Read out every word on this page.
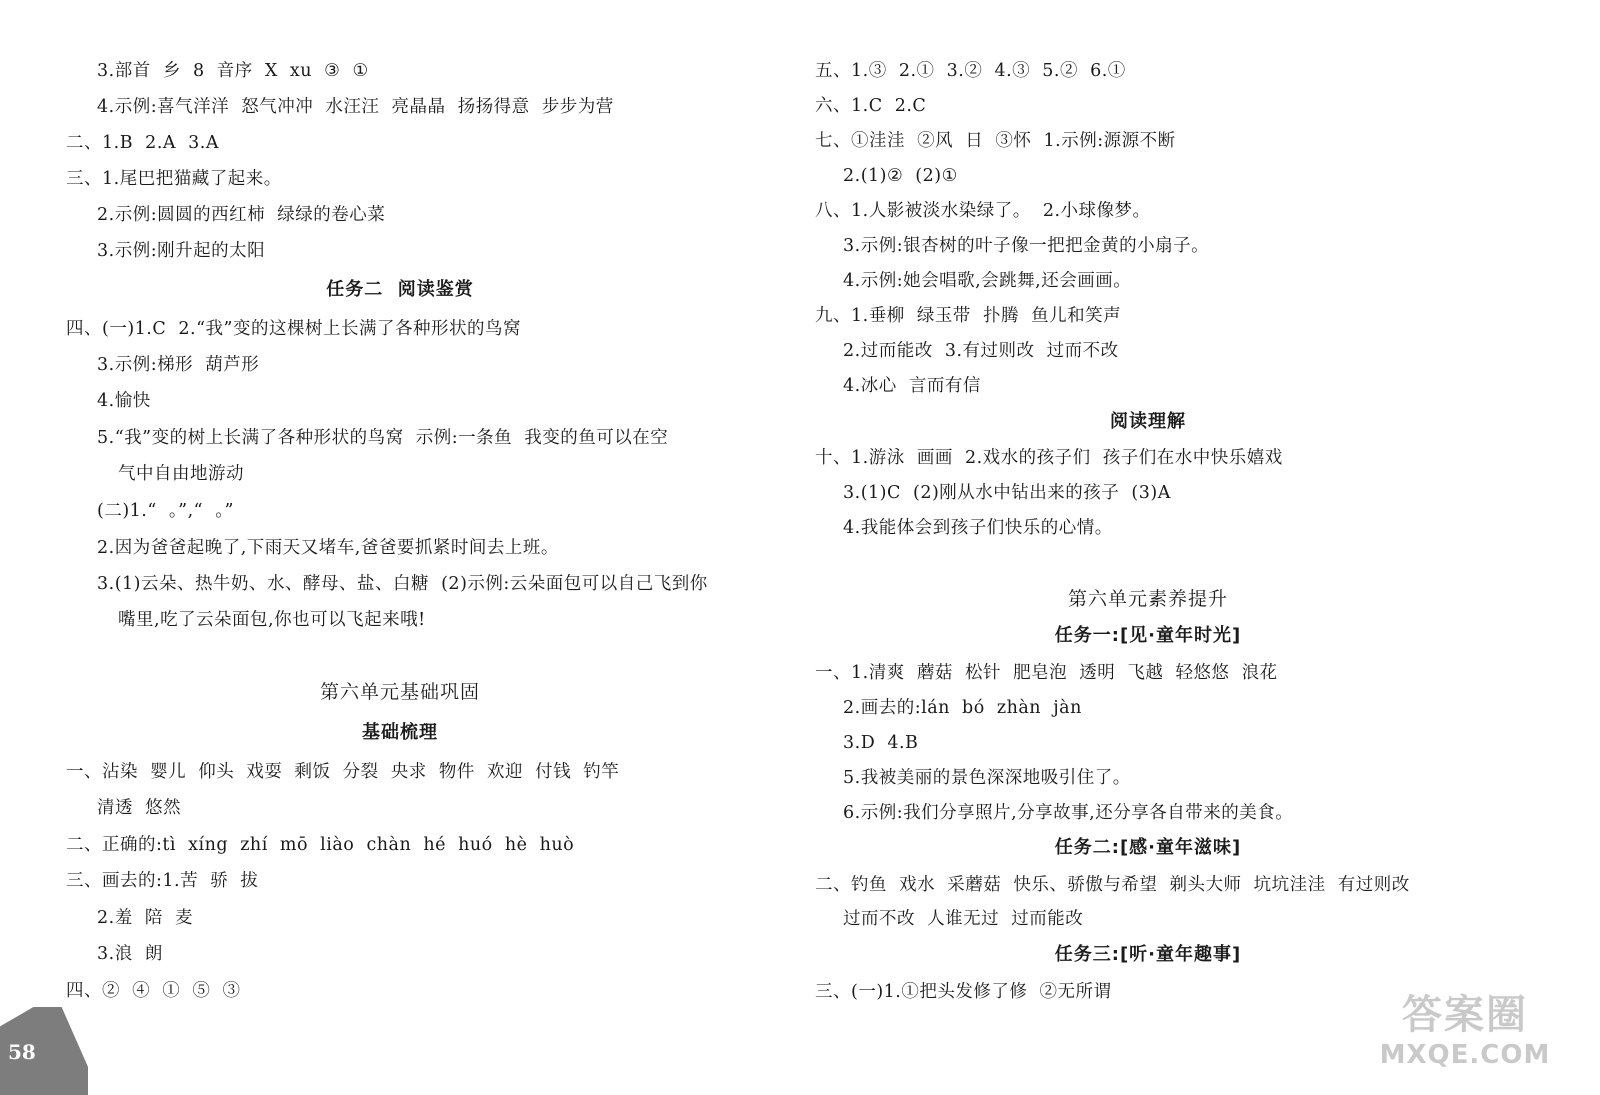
3.部首  乡  8  音序  X  xu  ③  ①
4.示例:喜气洋洋  怒气冲冲  水汪汪  亮晶晶  扬扬得意  步步为营
二、1.B  2.A  3.A
三、1.尾巴把猫藏了起来。
2.示例:圆圆的西红柿  绿绿的卷心菜
3.示例:刚升起的太阳
任务二  阅读鉴赏
四、(一)1.C  2.“我”变的这棵树上长满了各种形状的鸟窝
3.示例:梯形  葫芦形
4.愉快
5.“我”变的树上长满了各种形状的鸟窝  示例:一条鱼  我变的鱼可以在空
气中自由地游动
(二)1.“  。”,“  。”
2.因为爸爸起晚了,下雨天又堵车,爸爸要抓紧时间去上班。
3.(1)云朵、热牛奶、水、酵母、盐、白糖  (2)示例:云朵面包可以自己飞到你
嘴里,吃了云朵面包,你也可以飞起来哦!
第六单元基础巩固
基础梳理
一、沾染  婴儿  仰头  戏耍  剩饭  分裂  央求  物件  欢迎  付钱  钓竿
清透  悠然
二、正确的:tì  xíng  zhí  mō  liào  chàn  hé  huó  hè  huò
三、画去的:1.苦  骄  拔
2.羞  陪  麦
3.浪  朗
四、②  ④  ①  ⑤  ③
58
五、1.③  2.①  3.②  4.③  5.②  6.①
六、1.C  2.C
七、①洼洼  ②风  日  ③怀  1.示例:源源不断
2.(1)②  (2)①
八、1.人影被淡水染绿了。  2.小球像梦。
3.示例:银杏树的叶子像一把把金黄的小扇子。
4.示例:她会唱歌,会跳舞,还会画画。
九、1.垂柳  绿玉带  扑腾  鱼儿和笑声
2.过而能改  3.有过则改  过而不改
4.冰心  言而有信
阅读理解
十、1.游泳  画画  2.戏水的孩子们  孩子们在水中快乐嬉戏
3.(1)C  (2)刚从水中钻出来的孩子  (3)A
4.我能体会到孩子们快乐的心情。
第六单元素养提升
任务一:[见·童年时光]
一、1.清爽  蘑菇  松针  肥皂泡  透明  飞越  轻悠悠  浪花
2.画去的:lán  bó  zhàn  jàn
3.D  4.B
5.我被美丽的景色深深地吸引住了。
6.示例:我们分享照片,分享故事,还分享各自带来的美食。
任务二:[感·童年滋味]
二、钓鱼  戏水  采蘑菇  快乐、骄傲与希望  剃头大师  坑坑洼洼  有过则改
过而不改  人谁无过  过而能改
任务三:[听·童年趣事]
三、(一)1.①把头发修了修  ②无所谓	答案圈
MXQE.COM
